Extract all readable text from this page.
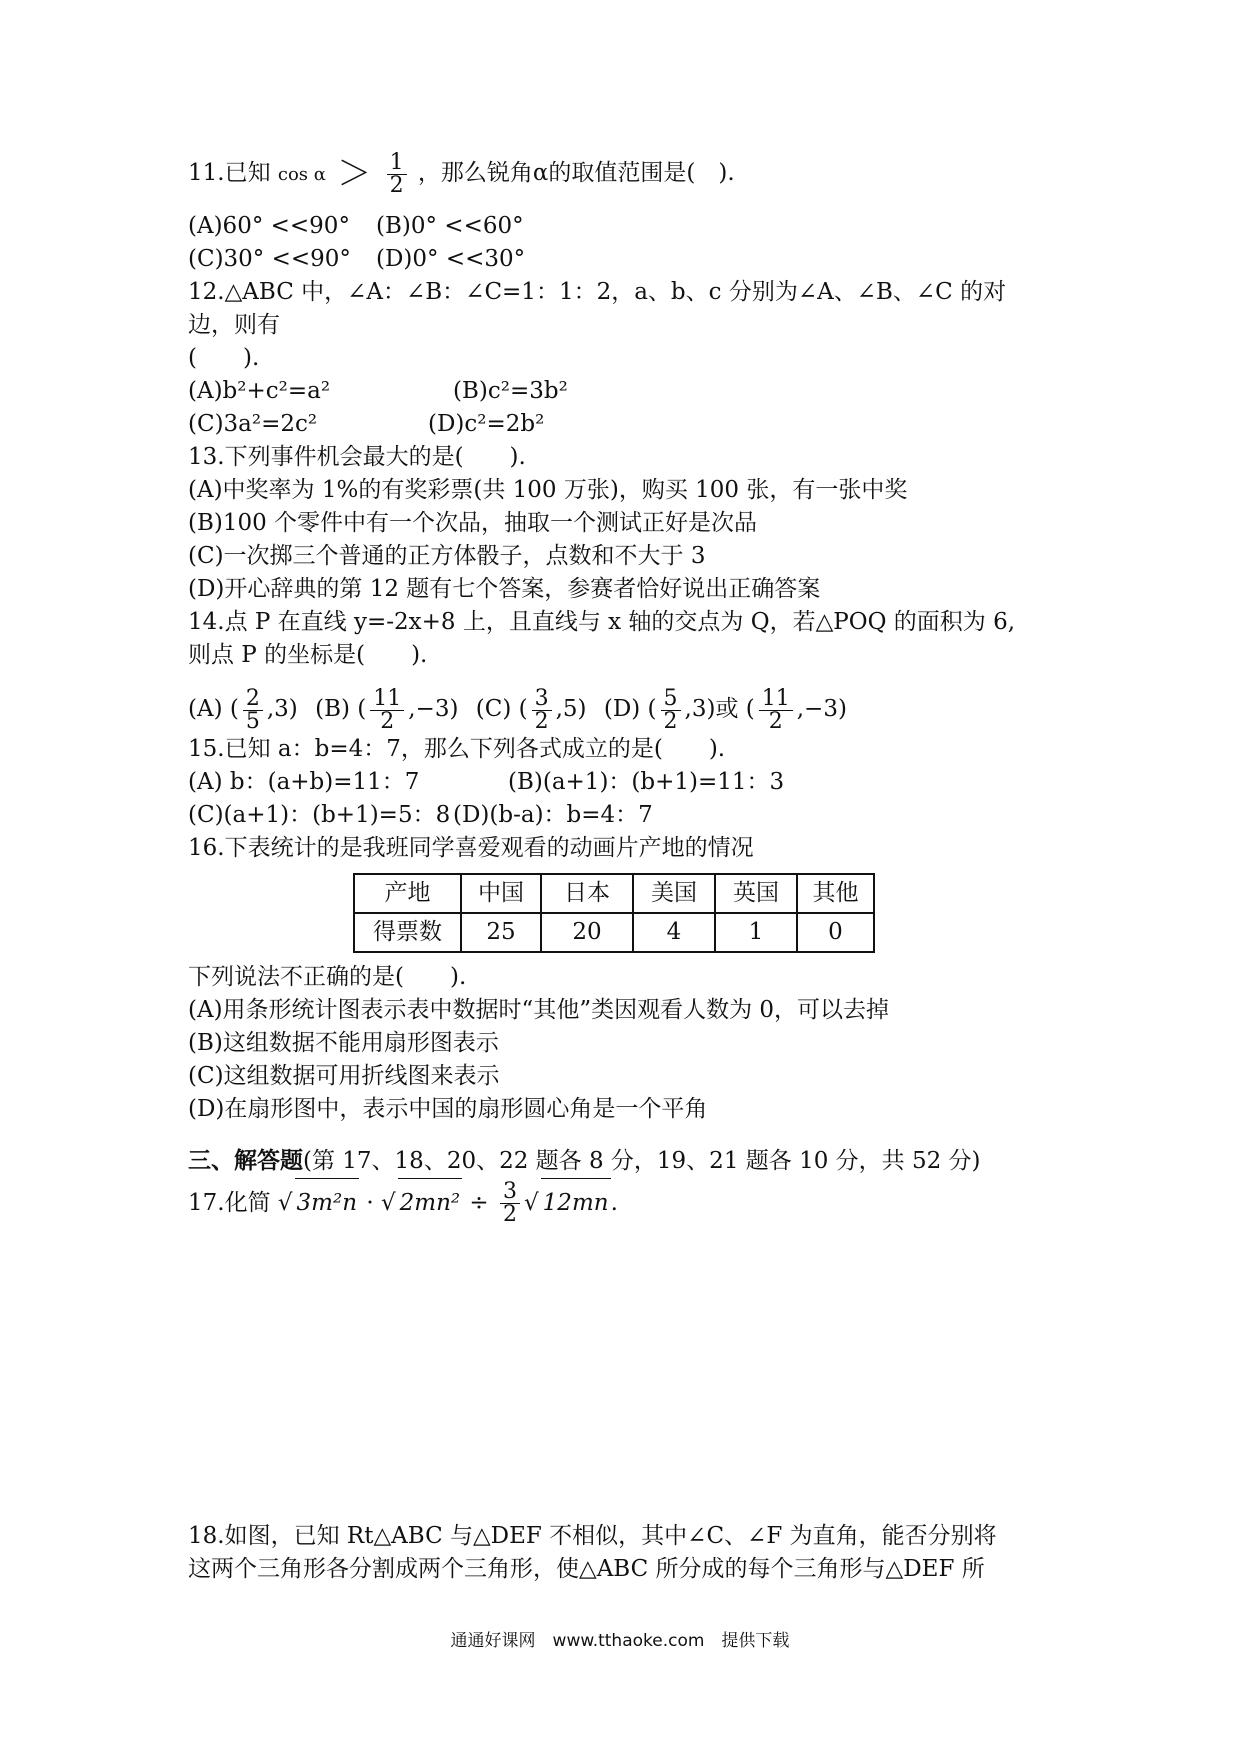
11.已知 $\cos \alpha > \frac{1}{2}$ ，那么锐角α的取值范围是(　).
(A)60° <<90°	(B)0° <<60°
(C)30° <<90°	(D)0° <<30°
12.△ABC 中，∠A：∠B：∠C=1：1：2，a、b、c 分别为∠A、∠B、∠C 的对
边，则有
(　　).
(A)b²+c²=a²	(B)c²=3b²
(C)3a²=2c²	(D)c²=2b²
13.下列事件机会最大的是(　　).
(A)中奖率为 1%的有奖彩票(共 100 万张)，购买 100 张，有一张中奖
(B)100 个零件中有一个次品，抽取一个测试正好是次品
(C)一次掷三个普通的正方体骰子，点数和不大于 3
(D)开心辞典的第 12 题有七个答案，参赛者恰好说出正确答案
14.点 P 在直线 y=-2x+8 上，且直线与 x 轴的交点为 Q，若△POQ 的面积为 6,
则点 P 的坐标是(　　).
(A) ( $\frac{2}{5} ,3$) (B) ( $\frac{11}{2} ,-3$) (C) ( $\frac{3}{2} ,5$) (D) ( $\frac{5}{2} ,3$)或 ( $\frac{11}{2} ,-3$)
15.已知 a：b=4：7，那么下列各式成立的是(　　).
(A) b：(a+b)=11：7	(B)(a+1)：(b+1)=11：3
(C)(a+1)：(b+1)=5：8 (D)(b-a)：b=4：7
16.下表统计的是我班同学喜爱观看的动画片产地的情况
产地	中国	日本	美国	英国	其他
得票数	25	20	4	1	0
下列说法不正确的是(　　).
(A)用条形统计图表示表中数据时“其他”类因观看人数为 0，可以去掉
(B)这组数据不能用扇形图表示
(C)这组数据可用折线图来表示
(D)在扇形图中，表示中国的扇形圆心角是一个平角
三、解答题(第 17、18、20、22 题各 8 分，19、21 题各 10 分，共 52 分)
17.化简 √ 3m²n · √ $2mn^2 \div \frac{3}{2}$ √ 12mn.
18.如图，已知 Rt△ABC 与△DEF 不相似，其中∠C、∠F 为直角，能否分别将
这两个三角形各分割成两个三角形，使△ABC 所分成的每个三角形与△DEF 所
通通好课网　www.tthaoke.com　提供下载
